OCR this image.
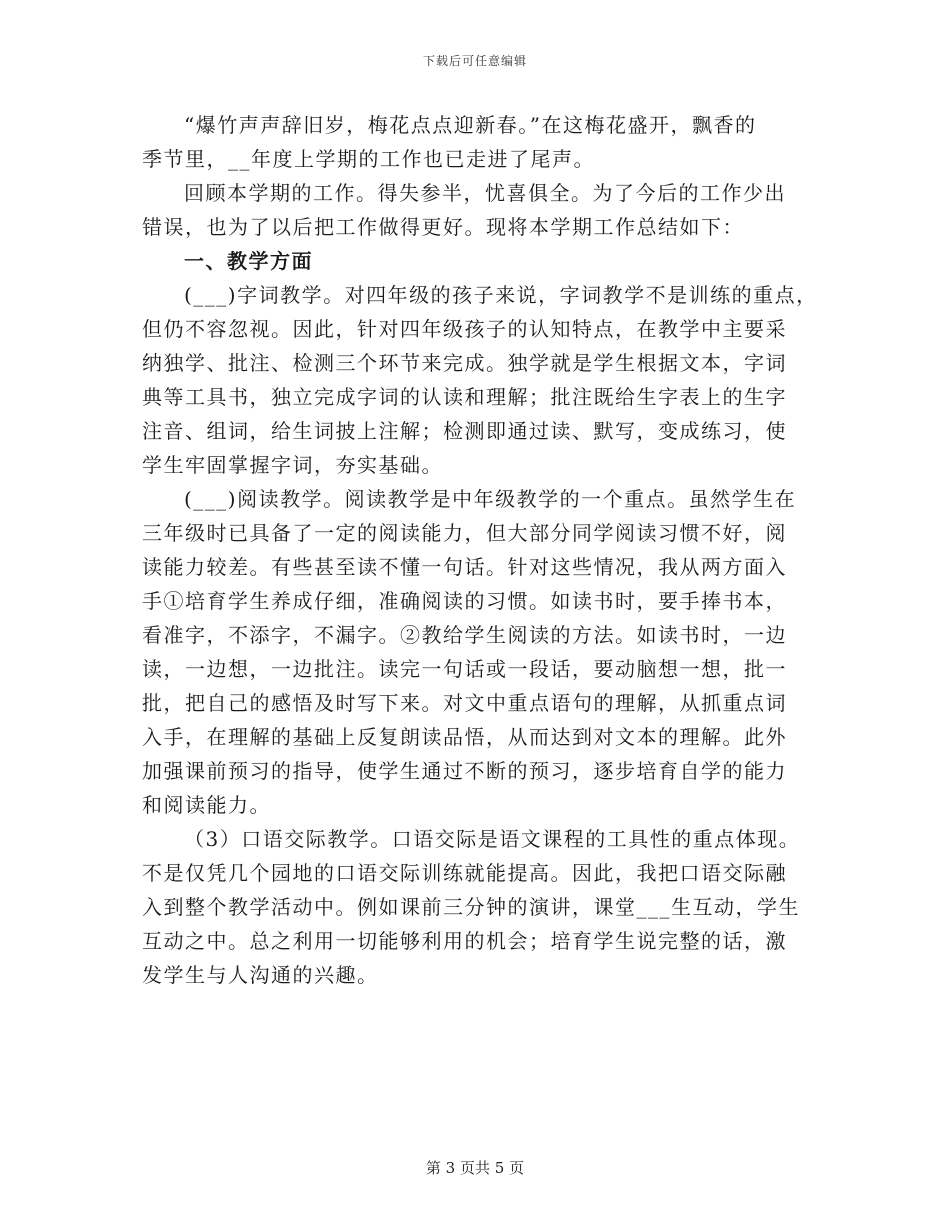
下载后可任意编辑

“爆竹声声辞旧岁，梅花点点迎新春。”在这梅花盛开，飘香的
季节里，__年度上学期的工作也已走进了尾声。

回顾本学期的工作。得失参半，忧喜俱全。为了今后的工作少出
错误，也为了以后把工作做得更好。现将本学期工作总结如下：

一、教学方面

(___)字词教学。对四年级的孩子来说，字词教学不是训练的重点，
但仍不容忽视。因此，针对四年级孩子的认知特点，在教学中主要采
纳独学、批注、检测三个环节来完成。独学就是学生根据文本，字词
典等工具书，独立完成字词的认读和理解；批注既给生字表上的生字
注音、组词，给生词披上注解；检测即通过读、默写，变成练习，使
学生牢固掌握字词，夯实基础。

(___)阅读教学。阅读教学是中年级教学的一个重点。虽然学生在
三年级时已具备了一定的阅读能力，但大部分同学阅读习惯不好，阅
读能力较差。有些甚至读不懂一句话。针对这些情况，我从两方面入
手①培育学生养成仔细，准确阅读的习惯。如读书时，要手捧书本，
看准字，不添字，不漏字。②教给学生阅读的方法。如读书时，一边
读，一边想，一边批注。读完一句话或一段话，要动脑想一想，批一
批，把自己的感悟及时写下来。对文中重点语句的理解，从抓重点词
入手，在理解的基础上反复朗读品悟，从而达到对文本的理解。此外
加强课前预习的指导，使学生通过不断的预习，逐步培育自学的能力
和阅读能力。

（3）口语交际教学。口语交际是语文课程的工具性的重点体现。
不是仅凭几个园地的口语交际训练就能提高。因此，我把口语交际融
入到整个教学活动中。例如课前三分钟的演讲，课堂___生互动，学生
互动之中。总之利用一切能够利用的机会；培育学生说完整的话，激
发学生与人沟通的兴趣。

第 3 页共 5 页
